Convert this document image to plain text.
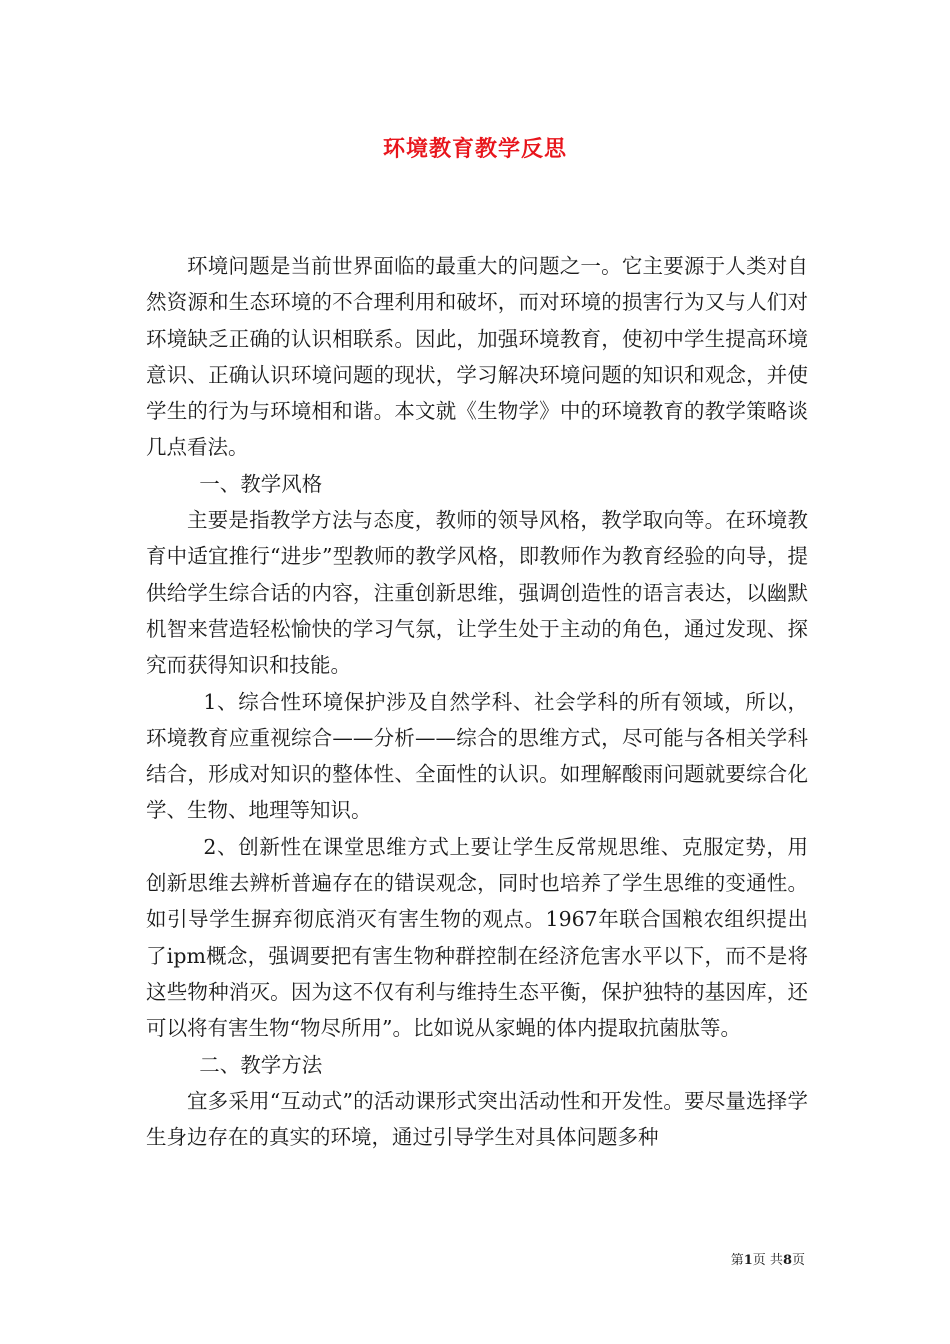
环境教育教学反思

环境问题是当前世界面临的最重大的问题之一。它主要源于人类对自然资源和生态环境的不合理利用和破坏，而对环境的损害行为又与人们对环境缺乏正确的认识相联系。因此，加强环境教育，使初中学生提高环境意识、正确认识环境问题的现状，学习解决环境问题的知识和观念，并使学生的行为与环境相和谐。本文就《生物学》中的环境教育的教学策略谈几点看法。

一、教学风格

主要是指教学方法与态度，教师的领导风格，教学取向等。在环境教育中适宜推行“进步”型教师的教学风格，即教师作为教育经验的向导，提供给学生综合话的内容，注重创新思维，强调创造性的语言表达，以幽默机智来营造轻松愉快的学习气氛，让学生处于主动的角色，通过发现、探究而获得知识和技能。

1、综合性环境保护涉及自然学科、社会学科的所有领域，所以，环境教育应重视综合——分析——综合的思维方式，尽可能与各相关学科结合，形成对知识的整体性、全面性的认识。如理解酸雨问题就要综合化学、生物、地理等知识。

2、创新性在课堂思维方式上要让学生反常规思维、克服定势，用创新思维去辨析普遍存在的错误观念，同时也培养了学生思维的变通性。如引导学生摒弃彻底消灭有害生物的观点。1967年联合国粮农组织提出了ipm概念，强调要把有害生物种群控制在经济危害水平以下，而不是将这些物种消灭。因为这不仅有利与维持生态平衡，保护独特的基因库，还可以将有害生物“物尽所用”。比如说从家蝇的体内提取抗菌肽等。

二、教学方法

宜多采用“互动式”的活动课形式突出活动性和开发性。要尽量选择学生身边存在的真实的环境，通过引导学生对具体问题多种

第1页 共8页
